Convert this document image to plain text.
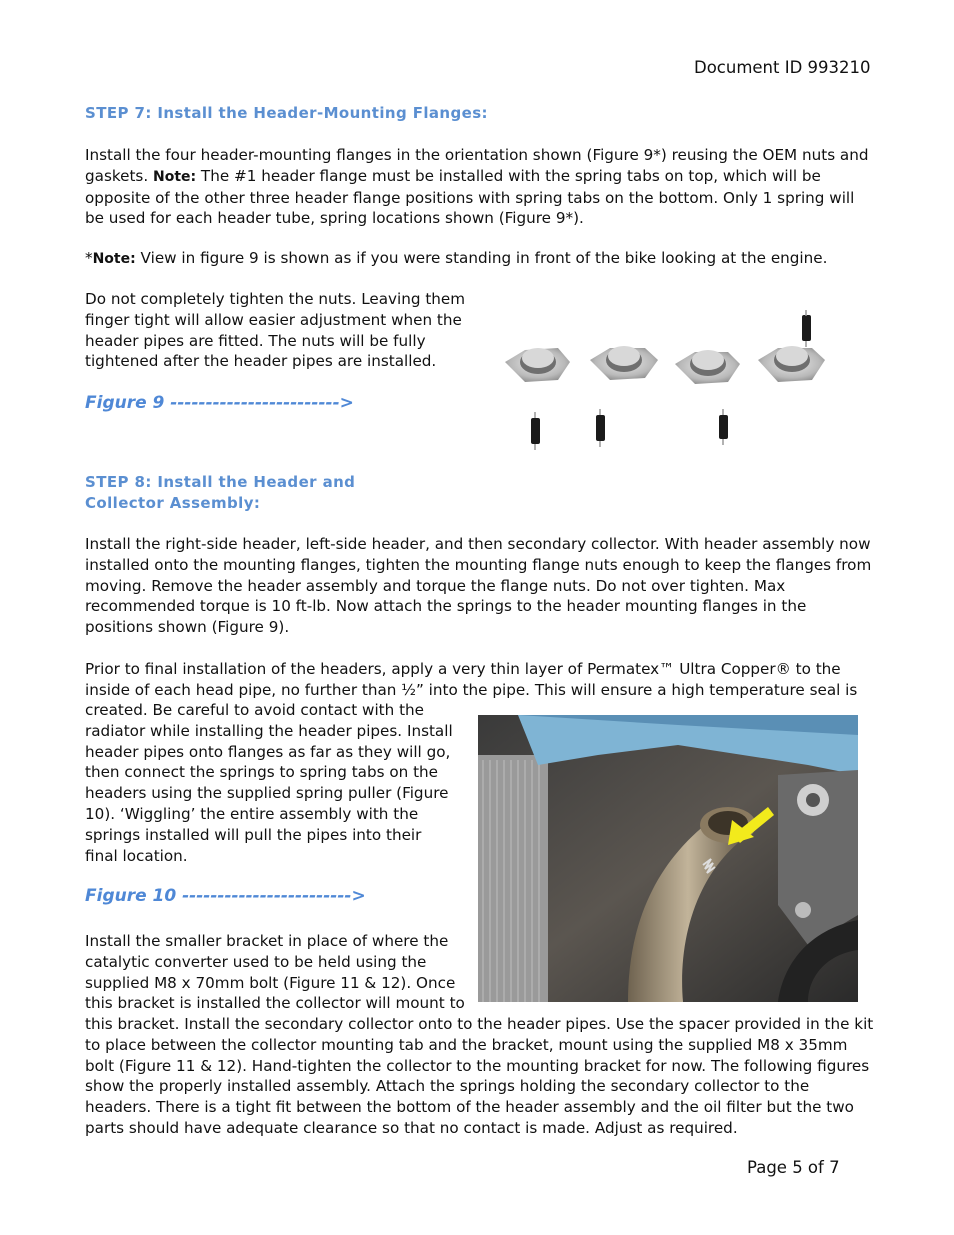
Document ID 993210
STEP 7: Install the Header-Mounting Flanges:

Install the four header-mounting flanges in the orientation shown (Figure 9*) reusing the OEM nuts and gaskets. Note: The #1 header flange must be installed with the spring tabs on top, which will be opposite of the other three header flange positions with spring tabs on the bottom. Only 1 spring will be used for each header tube, spring locations shown (Figure 9*).

*Note: View in figure 9 is shown as if you were standing in front of the bike looking at the engine.

Do not completely tighten the nuts. Leaving them finger tight will allow easier adjustment when the header pipes are fitted. The nuts will be fully tightened after the header pipes are installed.

Figure 9 ------------------------>
STEP 8: Install the Header and
Collector Assembly:

Install the right-side header, left-side header, and then secondary collector. With header assembly now installed onto the mounting flanges, tighten the mounting flange nuts enough to keep the flanges from moving. Remove the header assembly and torque the flange nuts. Do not over tighten. Max recommended torque is 10 ft-lb. Now attach the springs to the header mounting flanges in the positions shown (Figure 9).

Prior to final installation of the headers, apply a very thin layer of Permatex™ Ultra Copper® to the inside of each head pipe, no further than ½” into the pipe. This will ensure a high temperature seal is

created. Be careful to avoid contact with the radiator while installing the header pipes. Install header pipes onto flanges as far as they will go, then connect the springs to spring tabs on the headers using the supplied spring puller (Figure 10). ‘Wiggling’ the entire assembly with the springs installed will pull the pipes into their final location.

Figure 10 ------------------------>

Install the smaller bracket in place of where the catalytic converter used to be held using the supplied M8 x 70mm bolt (Figure 11 & 12). Once this bracket is installed the collector will mount to

this bracket. Install the secondary collector onto to the header pipes. Use the spacer provided in the kit to place between the collector mounting tab and the bracket, mount using the supplied M8 x 35mm bolt (Figure 11 & 12). Hand-tighten the collector to the mounting bracket for now. The following figures show the properly installed assembly. Attach the springs holding the secondary collector to the headers. There is a tight fit between the bottom of the header assembly and the oil filter but the two parts should have adequate clearance so that no contact is made. Adjust as required.

Page 5 of 7
